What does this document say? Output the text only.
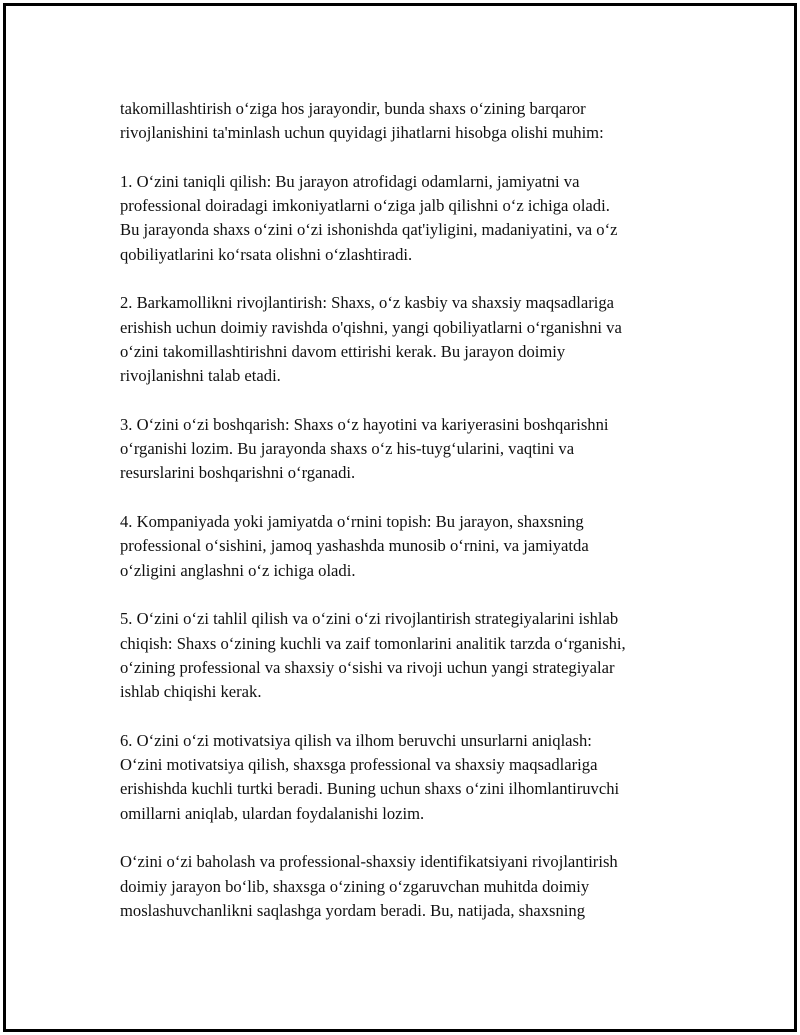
takomillashtirish o‘ziga hos jarayondir, bunda shaxs o‘zining barqaror
rivojlanishini ta'minlash uchun quyidagi jihatlarni hisobga olishi muhim:

1. O‘zini taniqli qilish: Bu jarayon atrofidagi odamlarni, jamiyatni va
professional doiradagi imkoniyatlarni o‘ziga jalb qilishni o‘z ichiga oladi.
Bu jarayonda shaxs o‘zini o‘zi ishonishda qat'iyligini, madaniyatini, va o‘z
qobiliyatlarini ko‘rsata olishni o‘zlashtiradi.

2. Barkamollikni rivojlantirish: Shaxs, o‘z kasbiy va shaxsiy maqsadlariga
erishish uchun doimiy ravishda o'qishni, yangi qobiliyatlarni o‘rganishni va
o‘zini takomillashtirishni davom ettirishi kerak. Bu jarayon doimiy
rivojlanishni talab etadi.

3. O‘zini o‘zi boshqarish: Shaxs o‘z hayotini va kariyerasini boshqarishni
o‘rganishi lozim. Bu jarayonda shaxs o‘z his-tuyg‘ularini, vaqtini va
resurslarini boshqarishni o‘rganadi.

4. Kompaniyada yoki jamiyatda o‘rnini topish: Bu jarayon, shaxsning
professional o‘sishini, jamoq yashashda munosib o‘rnini, va jamiyatda
o‘zligini anglashni o‘z ichiga oladi.

5. O‘zini o‘zi tahlil qilish va o‘zini o‘zi rivojlantirish strategiyalarini ishlab
chiqish: Shaxs o‘zining kuchli va zaif tomonlarini analitik tarzda o‘rganishi,
o‘zining professional va shaxsiy o‘sishi va rivoji uchun yangi strategiyalar
ishlab chiqishi kerak.

6. O‘zini o‘zi motivatsiya qilish va ilhom beruvchi unsurlarni aniqlash:
O‘zini motivatsiya qilish, shaxsga professional va shaxsiy maqsadlariga
erishishda kuchli turtki beradi. Buning uchun shaxs o‘zini ilhomlantiruvchi
omillarni aniqlab, ulardan foydalanishi lozim.

O‘zini o‘zi baholash va professional-shaxsiy identifikatsiyani rivojlantirish
doimiy jarayon bo‘lib, shaxsga o‘zining o‘zgaruvchan muhitda doimiy
moslashuvchanlikni saqlashga yordam beradi. Bu, natijada, shaxsning
